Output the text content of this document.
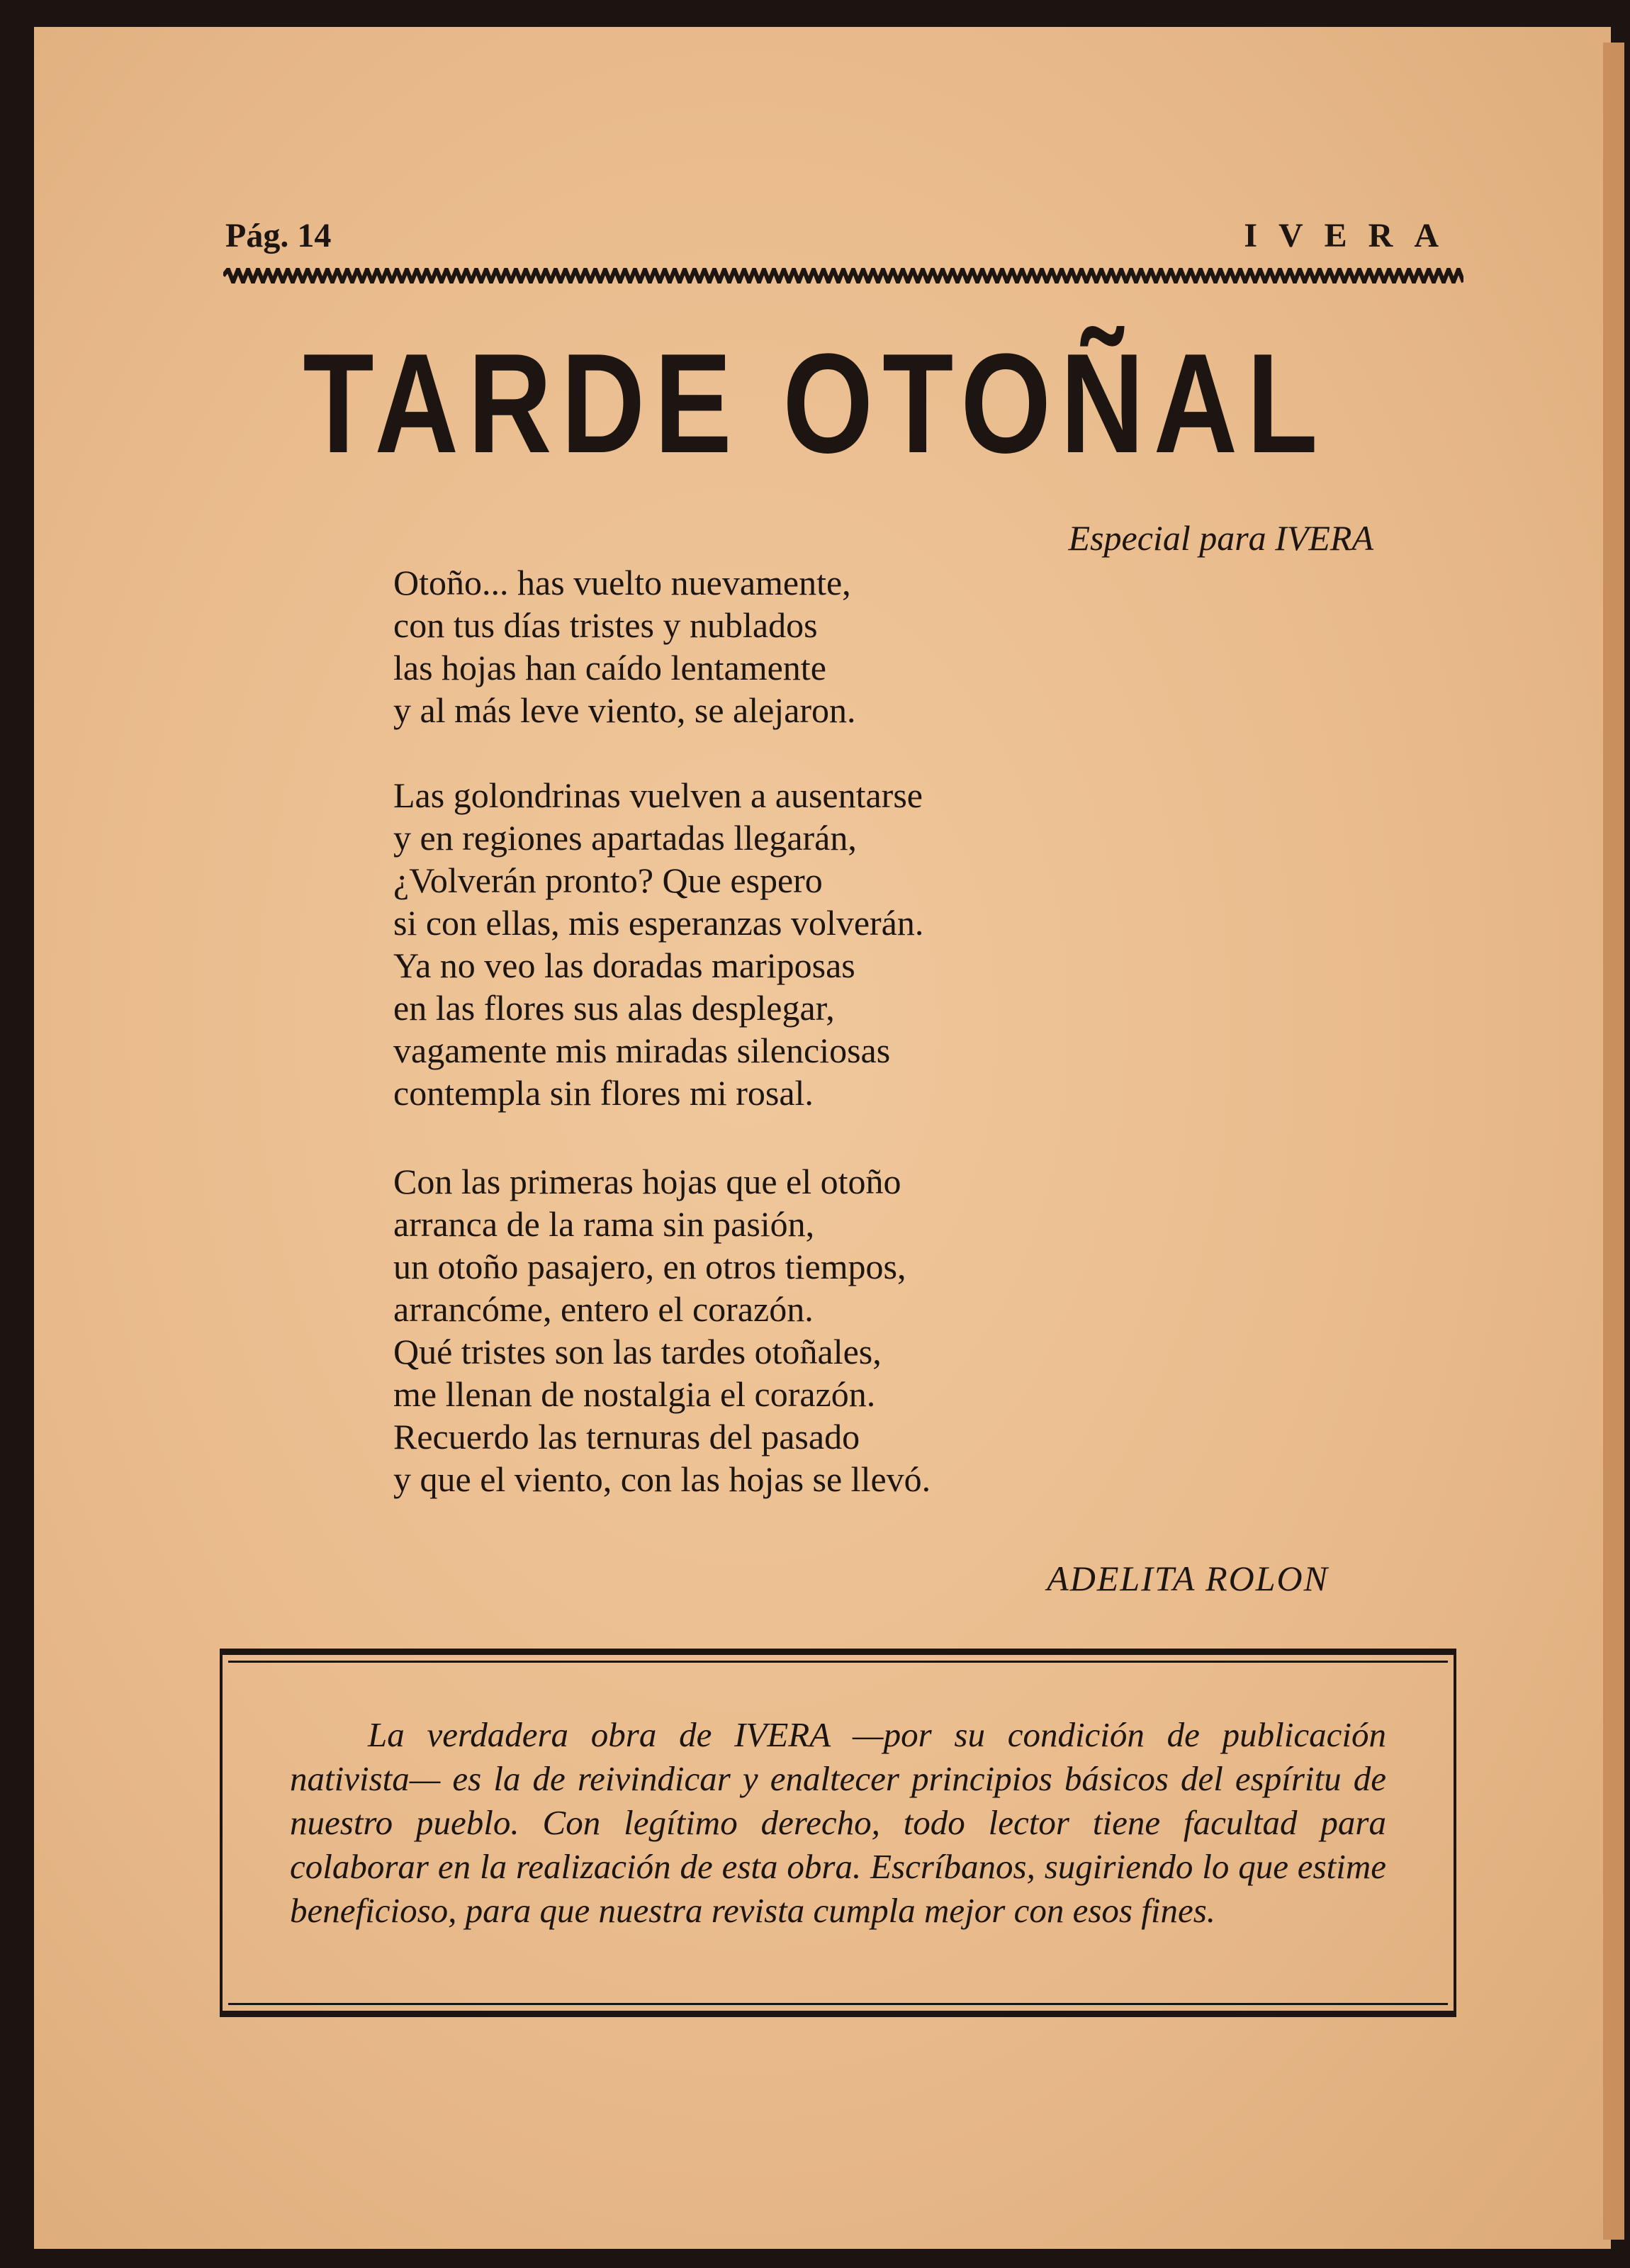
Pág. 14	IVERA
TARDE OTOÑAL
Especial para IVERA
Otoño... has vuelto nuevamente,
con tus días tristes y nublados
las hojas han caído lentamente
y al más leve viento, se alejaron.
Las golondrinas vuelven a ausentarse
y en regiones apartadas llegarán,
¿Volverán pronto? Que espero
si con ellas, mis esperanzas volverán.
Ya no veo las doradas mariposas
en las flores sus alas desplegar,
vagamente mis miradas silenciosas
contempla sin flores mi rosal.
Con las primeras hojas que el otoño
arranca de la rama sin pasión,
un otoño pasajero, en otros tiempos,
arrancóme, entero el corazón.
Qué tristes son las tardes otoñales,
me llenan de nostalgia el corazón.
Recuerdo las ternuras del pasado
y que el viento, con las hojas se llevó.
ADELITA ROLON
La verdadera obra de IVERA —por su condición de publicación nativista— es la de reivindicar y enaltecer principios básicos del espíritu de nuestro pueblo. Con legítimo derecho, todo lector tiene facultad para colaborar en la realización de esta obra. Escríbanos, sugiriendo lo que estime beneficioso, para que nuestra revista cumpla mejor con esos fines.
